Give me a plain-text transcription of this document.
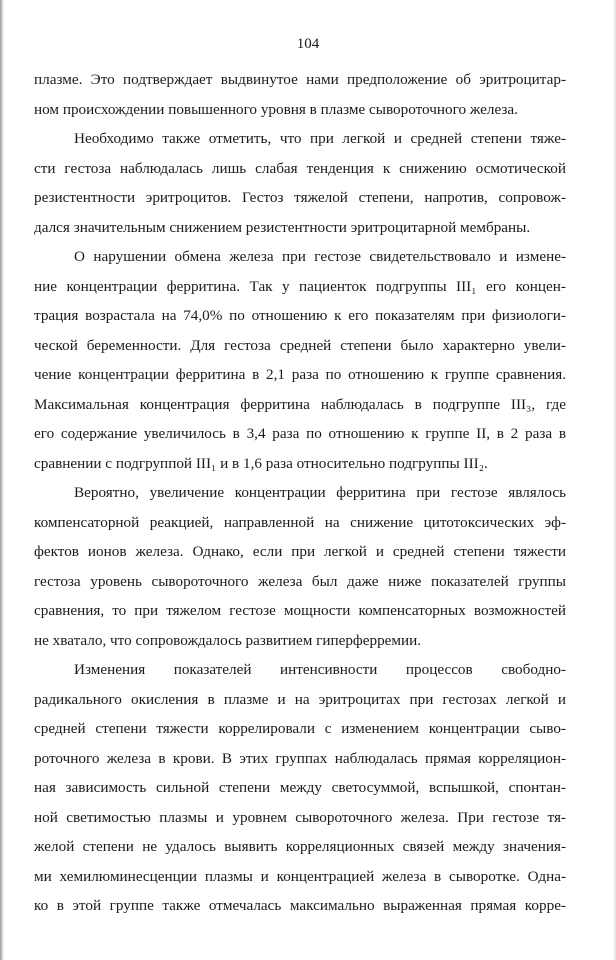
104
плазме. Это подтверждает выдвинутое нами предположение об эритроцитар-
ном происхождении повышенного уровня в плазме сывороточного железа.
Необходимо также отметить, что при легкой и средней степени тяже-
сти гестоза наблюдалась лишь слабая тенденция к снижению осмотической
резистентности эритроцитов. Гестоз тяжелой степени, напротив, сопровож-
дался значительным снижением резистентности эритроцитарной мембраны.
О нарушении обмена железа при гестозе свидетельствовало и измене-
ние концентрации ферритина. Так у пациенток подгруппы III₁ его концен-
трация возрастала на 74,0% по отношению к его показателям при физиологи-
ческой беременности. Для гестоза средней степени было характерно увели-
чение концентрации ферритина в 2,1 раза по отношению к группе сравнения.
Максимальная концентрация ферритина наблюдалась в подгруппе III₃, где
его содержание увеличилось в 3,4 раза по отношению к группе II, в 2 раза в
сравнении с подгруппой III₁ и в 1,6 раза относительно подгруппы III₂.
Вероятно, увеличение концентрации ферритина при гестозе являлось
компенсаторной реакцией, направленной на снижение цитотоксических эф-
фектов ионов железа. Однако, если при легкой и средней степени тяжести
гестоза уровень сывороточного железа был даже ниже показателей группы
сравнения, то при тяжелом гестозе мощности компенсаторных возможностей
не хватало, что сопровождалось развитием гиперферремии.
Изменения показателей интенсивности процессов свободно-
радикального окисления в плазме и на эритроцитах при гестозах легкой и
средней степени тяжести коррелировали с изменением концентрации сыво-
роточного железа в крови. В этих группах наблюдалась прямая корреляцион-
ная зависимость сильной степени между светосуммой, вспышкой, спонтан-
ной светимостью плазмы и уровнем сывороточного железа. При гестозе тя-
желой степени не удалось выявить корреляционных связей между значения-
ми хемилюминесценции плазмы и концентрацией железа в сыворотке. Одна-
ко в этой группе также отмечалась максимально выраженная прямая корре-
